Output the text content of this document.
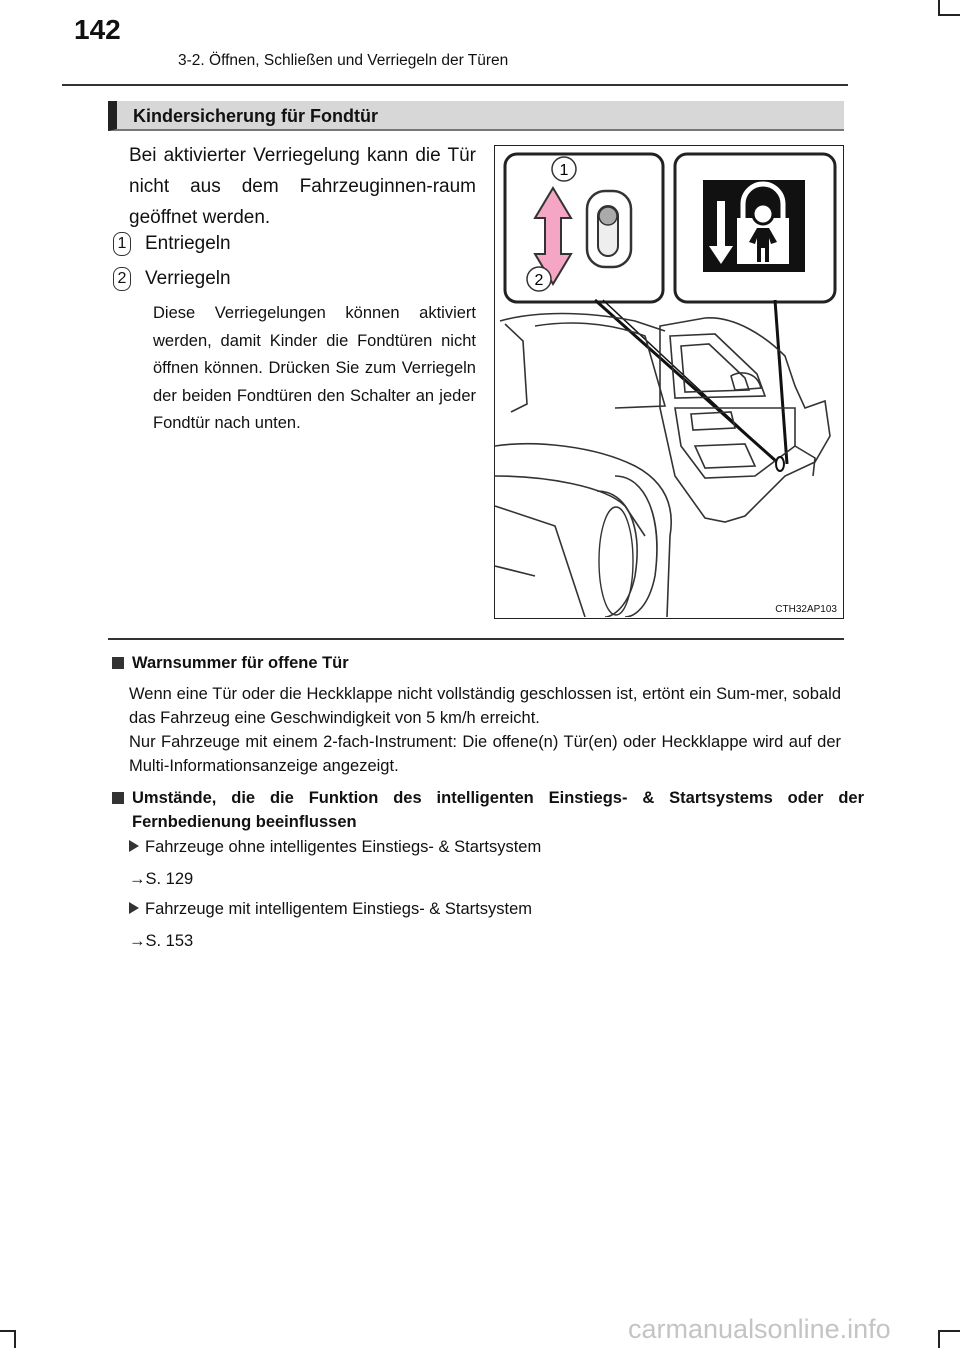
142
3-2. Öffnen, Schließen und Verriegeln der Türen
Kindersicherung für Fondtür

Bei aktivierter Verriegelung kann die Tür nicht aus dem Fahrzeuginnen-raum geöffnet werden.

1 Entriegeln
2 Verriegeln

Diese Verriegelungen können aktiviert werden, damit Kinder die Fondtüren nicht öffnen können. Drücken Sie zum Verriegeln der beiden Fondtüren den Schalter an jeder Fondtür nach unten.

1
2
CTH32AP103

Warnsummer für offene Tür

Wenn eine Tür oder die Heckklappe nicht vollständig geschlossen ist, ertönt ein Sum-mer, sobald das Fahrzeug eine Geschwindigkeit von 5 km/h erreicht.

Nur Fahrzeuge mit einem 2-fach-Instrument: Die offene(n) Tür(en) oder Heckklappe wird auf der Multi-Informationsanzeige angezeigt.

Umstände, die die Funktion des intelligenten Einstiegs- & Startsystems oder der Fernbedienung beeinflussen

Fahrzeuge ohne intelligentes Einstiegs- & Startsystem
→S. 129
Fahrzeuge mit intelligentem Einstiegs- & Startsystem
→S. 153
carmanualsonline.info
